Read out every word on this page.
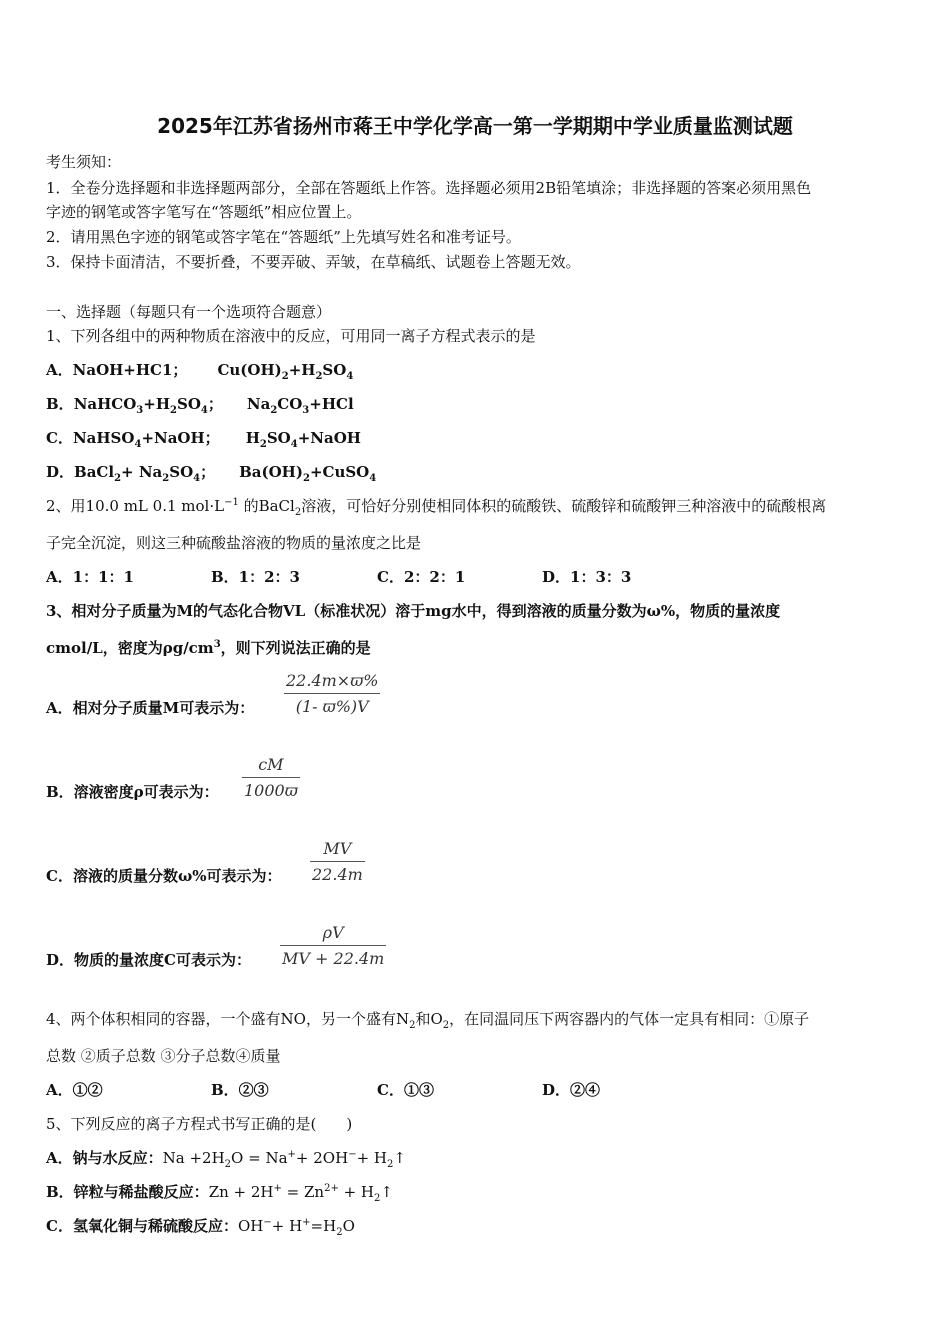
2025年江苏省扬州市蒋王中学化学高一第一学期期中学业质量监测试题
考生须知：
1．全卷分选择题和非选择题两部分，全部在答题纸上作答。选择题必须用2B铅笔填涂；非选择题的答案必须用黑色
字迹的钢笔或答字笔写在“答题纸”相应位置上。
2．请用黑色字迹的钢笔或答字笔在“答题纸”上先填写姓名和准考证号。
3．保持卡面清洁，不要折叠，不要弄破、弄皱，在草稿纸、试题卷上答题无效。
一、选择题（每题只有一个选项符合题意）
1、下列各组中的两种物质在溶液中的反应，可用同一离子方程式表示的是
A．NaOH+HC1； $Cu(OH)_2+H_2SO_4$
B．$NaHCO_3+H_2SO_4$； $Na_2CO_3+HCl$
C．NaHSO$_4$+NaOH； $H_2SO_4+NaOH$
D．BaCl$_2$+ $Na_2SO_4$； $Ba(OH)_2+CuSO_4$
2、用10.0 mL 0.1 $mol\cdot L^{-1}$ 的BaCl$_2$溶液，可恰好分别使相同体积的硫酸铁、硫酸锌和硫酸钾三种溶液中的硫酸根离
子完全沉淀，则这三种硫酸盐溶液的物质的量浓度之比是
A．1：1：1	B．1：2：3	C．2：2：1	D．1：3：3
3、相对分子质量为M的气态化合物VL（标准状况）溶于mg水中，得到溶液的质量分数为ω%，物质的量浓度
cmol/L，密度为$\rho g/cm^3$，则下列说法正确的是
A．相对分子质量M可表示为：
22.4m×ϖ%
(1- ϖ%)V
B．溶液密度ρ可表示为：
cM
1000ϖ
C．溶液的质量分数ω%可表示为：
MV
22.4m
D．物质的量浓度C可表示为：
ρV
MV + 22.4m
4、两个体积相同的容器，一个盛有NO，另一个盛有$N_2$和$O_2$，在同温同压下两容器内的气体一定具有相同：①原子
总数 ②质子总数 ③分子总数④质量
A．①②	B．②③	C．①③	D．②④
5、下列反应的离子方程式书写正确的是(　　)
A．钠与水反应：$Na +2H_2O = Na^++ 2OH^-+$ $H_2↑$
B．锌粒与稀盐酸反应：$Zn + 2H^+ = Zn^{2+}$ + $H_2↑$
C．氢氧化铜与稀硫酸反应：$OH^-+ H^+=H_2O$
